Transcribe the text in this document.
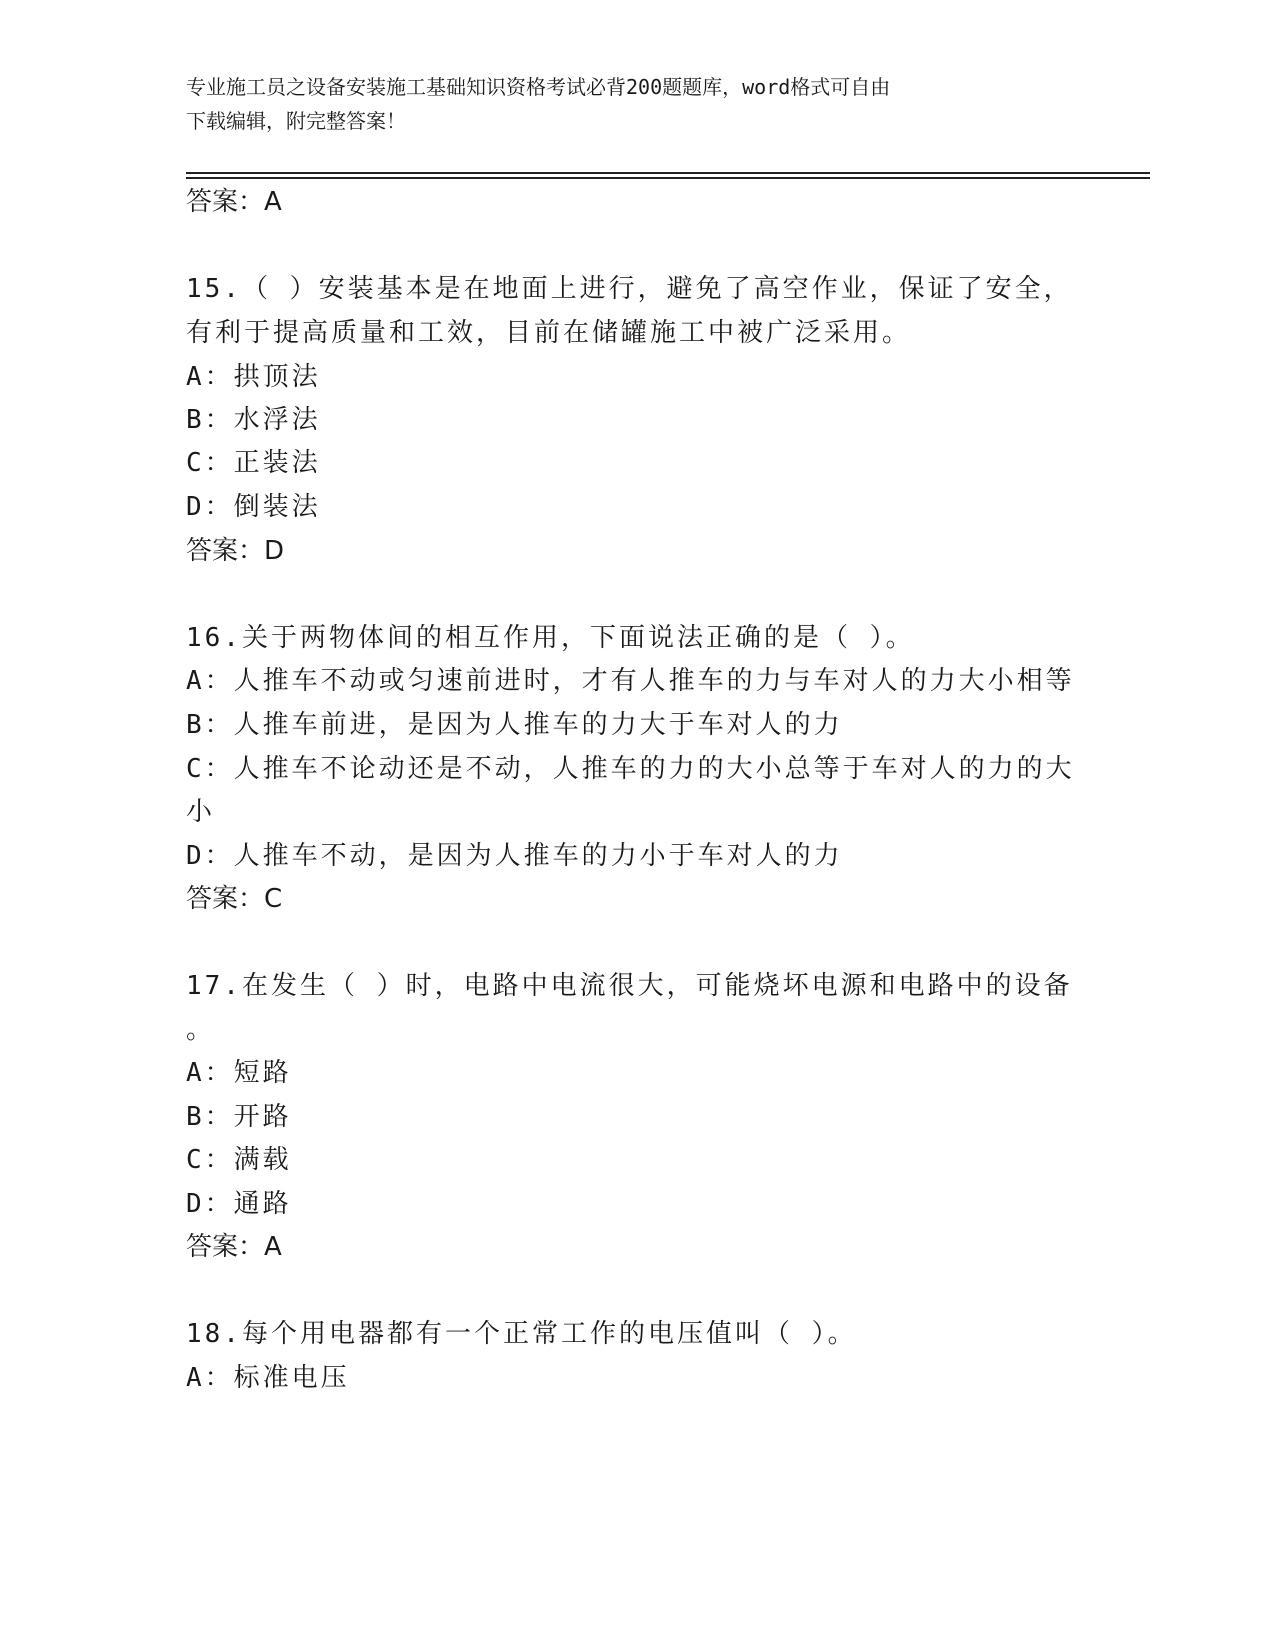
专业施工员之设备安装施工基础知识资格考试必背200题题库，word格式可自由
下载编辑，附完整答案！
答案：A
15.（ ）安装基本是在地面上进行，避免了高空作业，保证了安全，
有利于提高质量和工效，目前在储罐施工中被广泛采用。
A：拱顶法
B：水浮法
C：正装法
D：倒装法
答案：D
16.关于两物体间的相互作用，下面说法正确的是（ ）。
A：人推车不动或匀速前进时，才有人推车的力与车对人的力大小相等
B：人推车前进，是因为人推车的力大于车对人的力
C：人推车不论动还是不动，人推车的力的大小总等于车对人的力的大
小
D：人推车不动，是因为人推车的力小于车对人的力
答案：C
17.在发生（ ）时，电路中电流很大，可能烧坏电源和电路中的设备
。
A：短路
B：开路
C：满载
D：通路
答案：A
18.每个用电器都有一个正常工作的电压值叫（ ）。
A：标准电压
